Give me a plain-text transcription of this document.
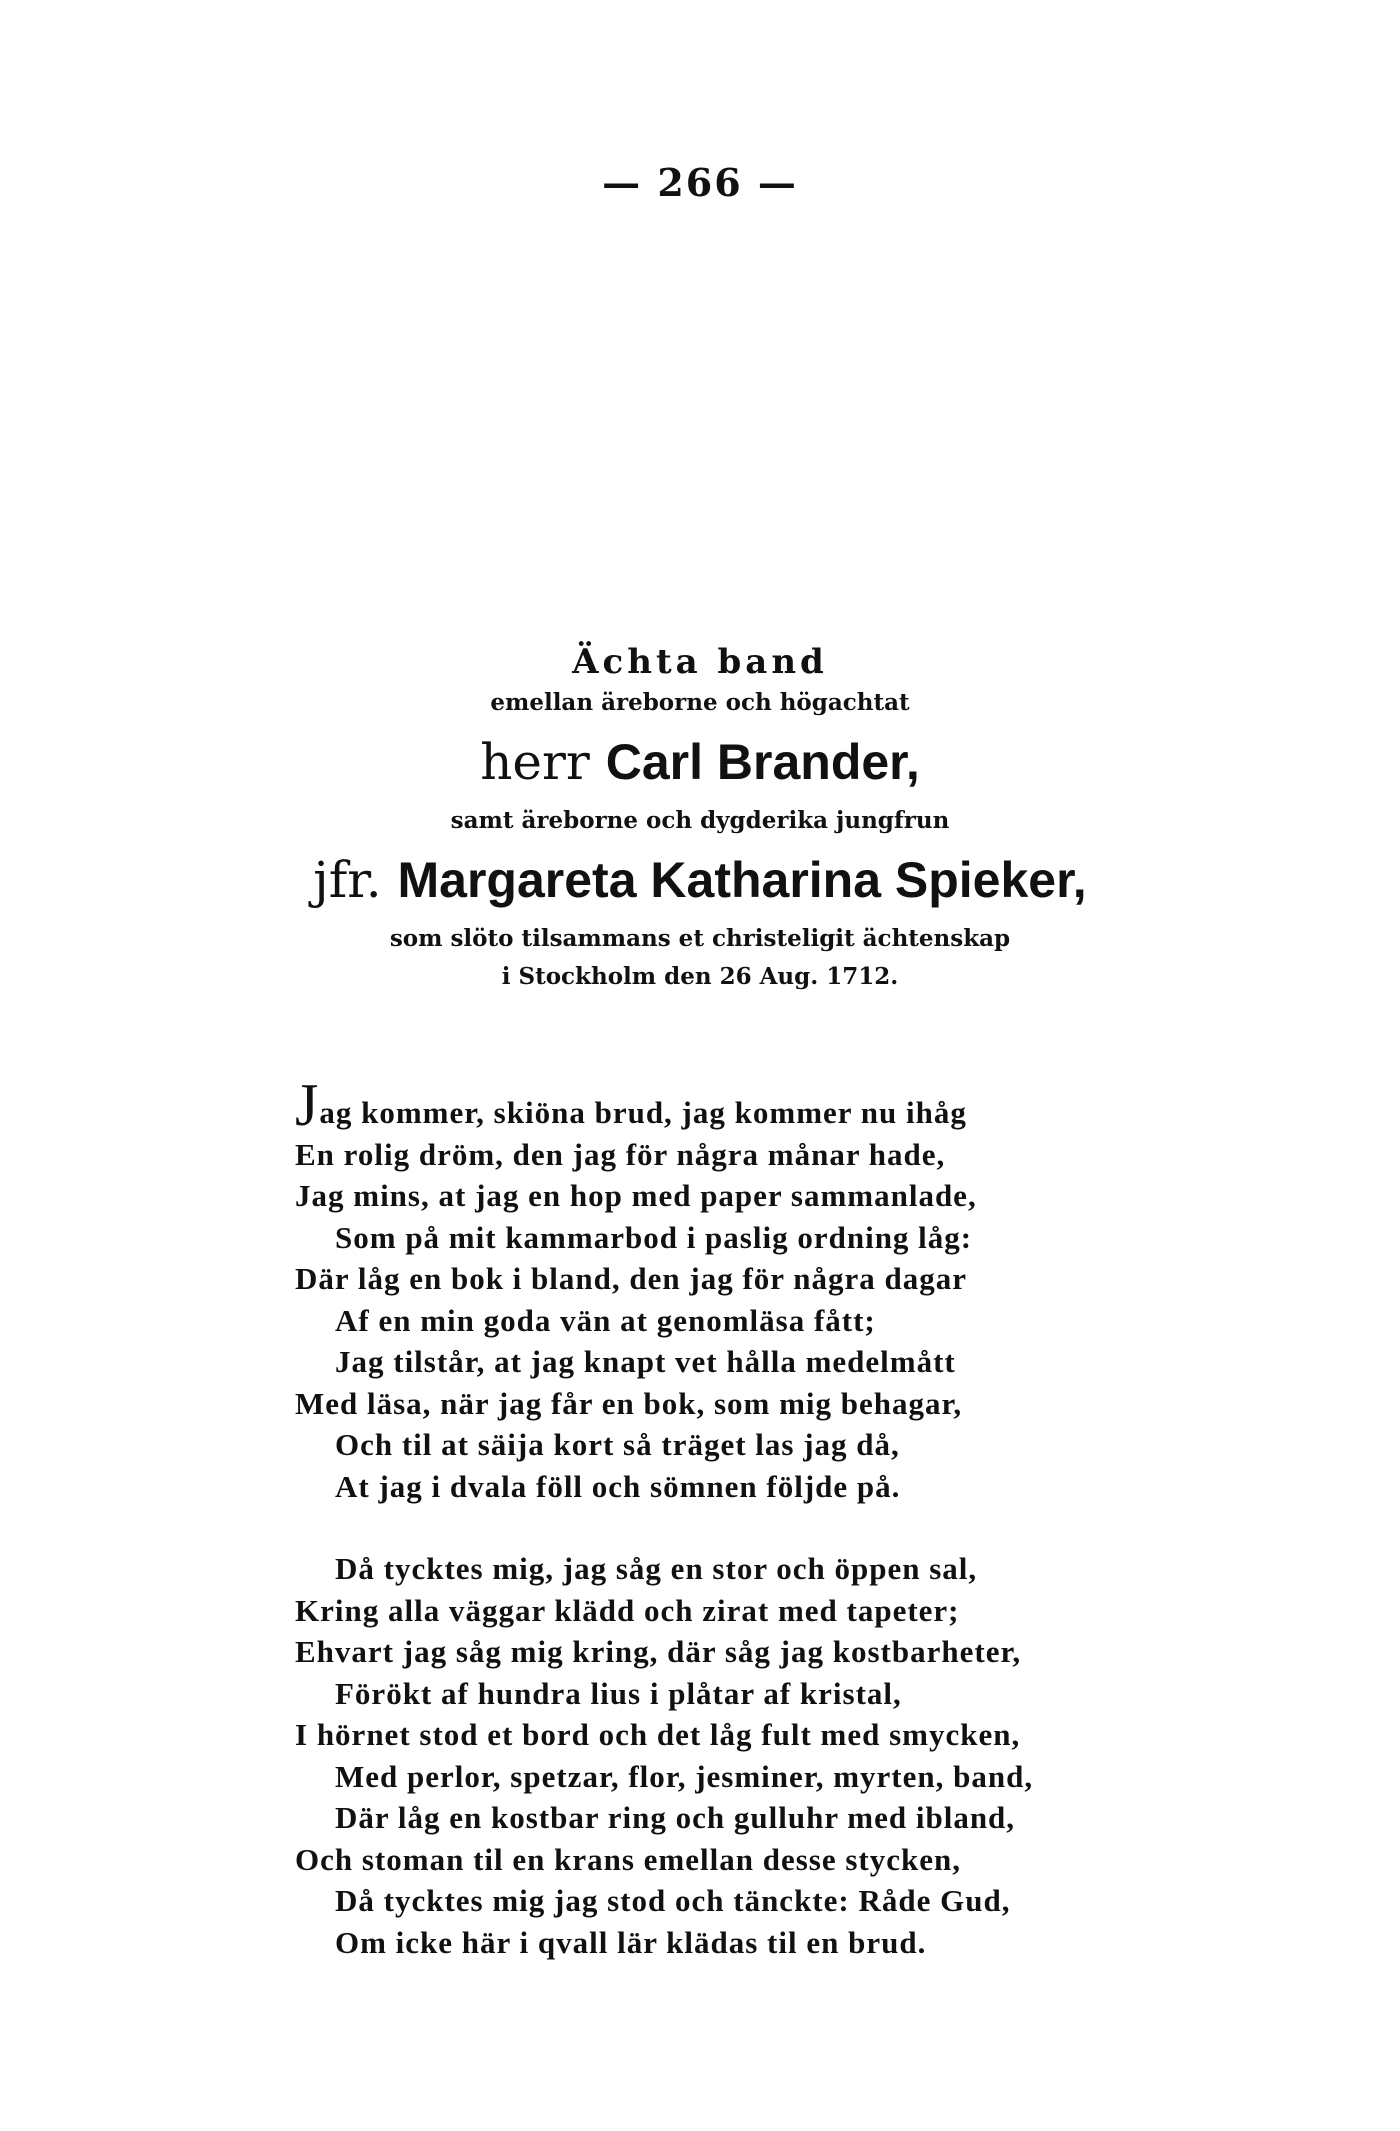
— 266 —
Ächta band
emellan äreborne och högachtat
herr Carl Brander,
samt äreborne och dygderika jungfrun
jfr. Margareta Katharina Spieker,
som slöto tilsammans et christeligit ächtenskap
i Stockholm den 26 Aug. 1712.
Jag kommer, skiöna brud, jag kommer nu ihåg
En rolig dröm, den jag för några månar hade,
Jag mins, at jag en hop med paper sammanlade,
Som på mit kammarbod i paslig ordning låg:
Där låg en bok i bland, den jag för några dagar
Af en min goda vän at genomläsa fått;
Jag tilstår, at jag knapt vet hålla medelmått
Med läsa, när jag får en bok, som mig behagar,
Och til at säija kort så träget las jag då,
At jag i dvala föll och sömnen följde på.
Då tycktes mig, jag såg en stor och öppen sal,
Kring alla väggar klädd och zirat med tapeter;
Ehvart jag såg mig kring, där såg jag kostbarheter,
Förökt af hundra lius i plåtar af kristal,
I hörnet stod et bord och det låg fult med smycken,
Med perlor, spetzar, flor, jesminer, myrten, band,
Där låg en kostbar ring och gulluhr med ibland,
Och stoman til en krans emellan desse stycken,
Då tycktes mig jag stod och tänckte: Råde Gud,
Om icke här i qvall lär klädas til en brud.
